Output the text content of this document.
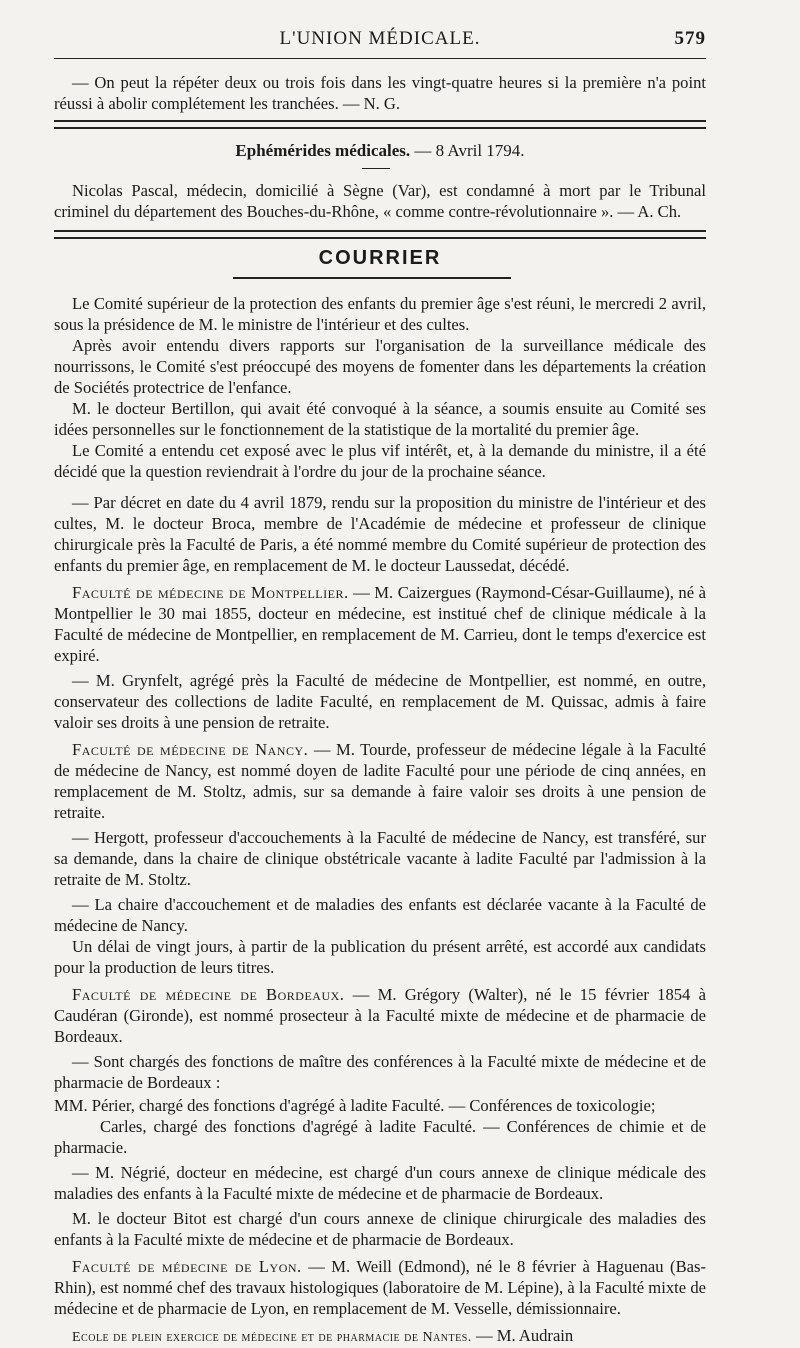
L'UNION MÉDICALE.	579

— On peut la répéter deux ou trois fois dans les vingt-quatre heures si la première n'a point réussi à abolir complétement les tranchées. — N. G.

Ephémérides médicales. — 8 Avril 1794.

Nicolas Pascal, médecin, domicilié à Sègne (Var), est condamné à mort par le Tribunal criminel du département des Bouches-du-Rhône, « comme contre-révolutionnaire ». — A. Ch.

COURRIER

Le Comité supérieur de la protection des enfants du premier âge s'est réuni, le mercredi 2 avril, sous la présidence de M. le ministre de l'intérieur et des cultes.

Après avoir entendu divers rapports sur l'organisation de la surveillance médicale des nourrissons, le Comité s'est préoccupé des moyens de fomenter dans les départements la création de Sociétés protectrice de l'enfance.

M. le docteur Bertillon, qui avait été convoqué à la séance, a soumis ensuite au Comité ses idées personnelles sur le fonctionnement de la statistique de la mortalité du premier âge.

Le Comité a entendu cet exposé avec le plus vif intérêt, et, à la demande du ministre, il a été décidé que la question reviendrait à l'ordre du jour de la prochaine séance.

— Par décret en date du 4 avril 1879, rendu sur la proposition du ministre de l'intérieur et des cultes, M. le docteur Broca, membre de l'Académie de médecine et professeur de clinique chirurgicale près la Faculté de Paris, a été nommé membre du Comité supérieur de protection des enfants du premier âge, en remplacement de M. le docteur Laussedat, décédé.

Faculté de médecine de Montpellier. — M. Caizergues (Raymond-César-Guillaume), né à Montpellier le 30 mai 1855, docteur en médecine, est institué chef de clinique médicale à la Faculté de médecine de Montpellier, en remplacement de M. Carrieu, dont le temps d'exercice est expiré.

— M. Grynfelt, agrégé près la Faculté de médecine de Montpellier, est nommé, en outre, conservateur des collections de ladite Faculté, en remplacement de M. Quissac, admis à faire valoir ses droits à une pension de retraite.

Faculté de médecine de Nancy. — M. Tourde, professeur de médecine légale à la Faculté de médecine de Nancy, est nommé doyen de ladite Faculté pour une période de cinq années, en remplacement de M. Stoltz, admis, sur sa demande à faire valoir ses droits à une pension de retraite.

— Hergott, professeur d'accouchements à la Faculté de médecine de Nancy, est transféré, sur sa demande, dans la chaire de clinique obstétricale vacante à ladite Faculté par l'admission à la retraite de M. Stoltz.

— La chaire d'accouchement et de maladies des enfants est déclarée vacante à la Faculté de médecine de Nancy.

Un délai de vingt jours, à partir de la publication du présent arrêté, est accordé aux candidats pour la production de leurs titres.

Faculté de médecine de Bordeaux. — M. Grégory (Walter), né le 15 février 1854 à Caudéran (Gironde), est nommé prosecteur à la Faculté mixte de médecine et de pharmacie de Bordeaux.

— Sont chargés des fonctions de maître des conférences à la Faculté mixte de médecine et de pharmacie de Bordeaux :

MM. Périer, chargé des fonctions d'agrégé à ladite Faculté. — Conférences de toxicologie;

Carles, chargé des fonctions d'agrégé à ladite Faculté. — Conférences de chimie et de pharmacie.

— M. Négrié, docteur en médecine, est chargé d'un cours annexe de clinique médicale des maladies des enfants à la Faculté mixte de médecine et de pharmacie de Bordeaux.

M. le docteur Bitot est chargé d'un cours annexe de clinique chirurgicale des maladies des enfants à la Faculté mixte de médecine et de pharmacie de Bordeaux.

Faculté de médecine de Lyon. — M. Weill (Edmond), né le 8 février à Haguenau (Bas-Rhin), est nommé chef des travaux histologiques (laboratoire de M. Lépine), à la Faculté mixte de médecine et de pharmacie de Lyon, en remplacement de M. Vesselle, démissionnaire.

Ecole de plein exercice de médecine et de pharmacie de Nantes. — M. Audrain
